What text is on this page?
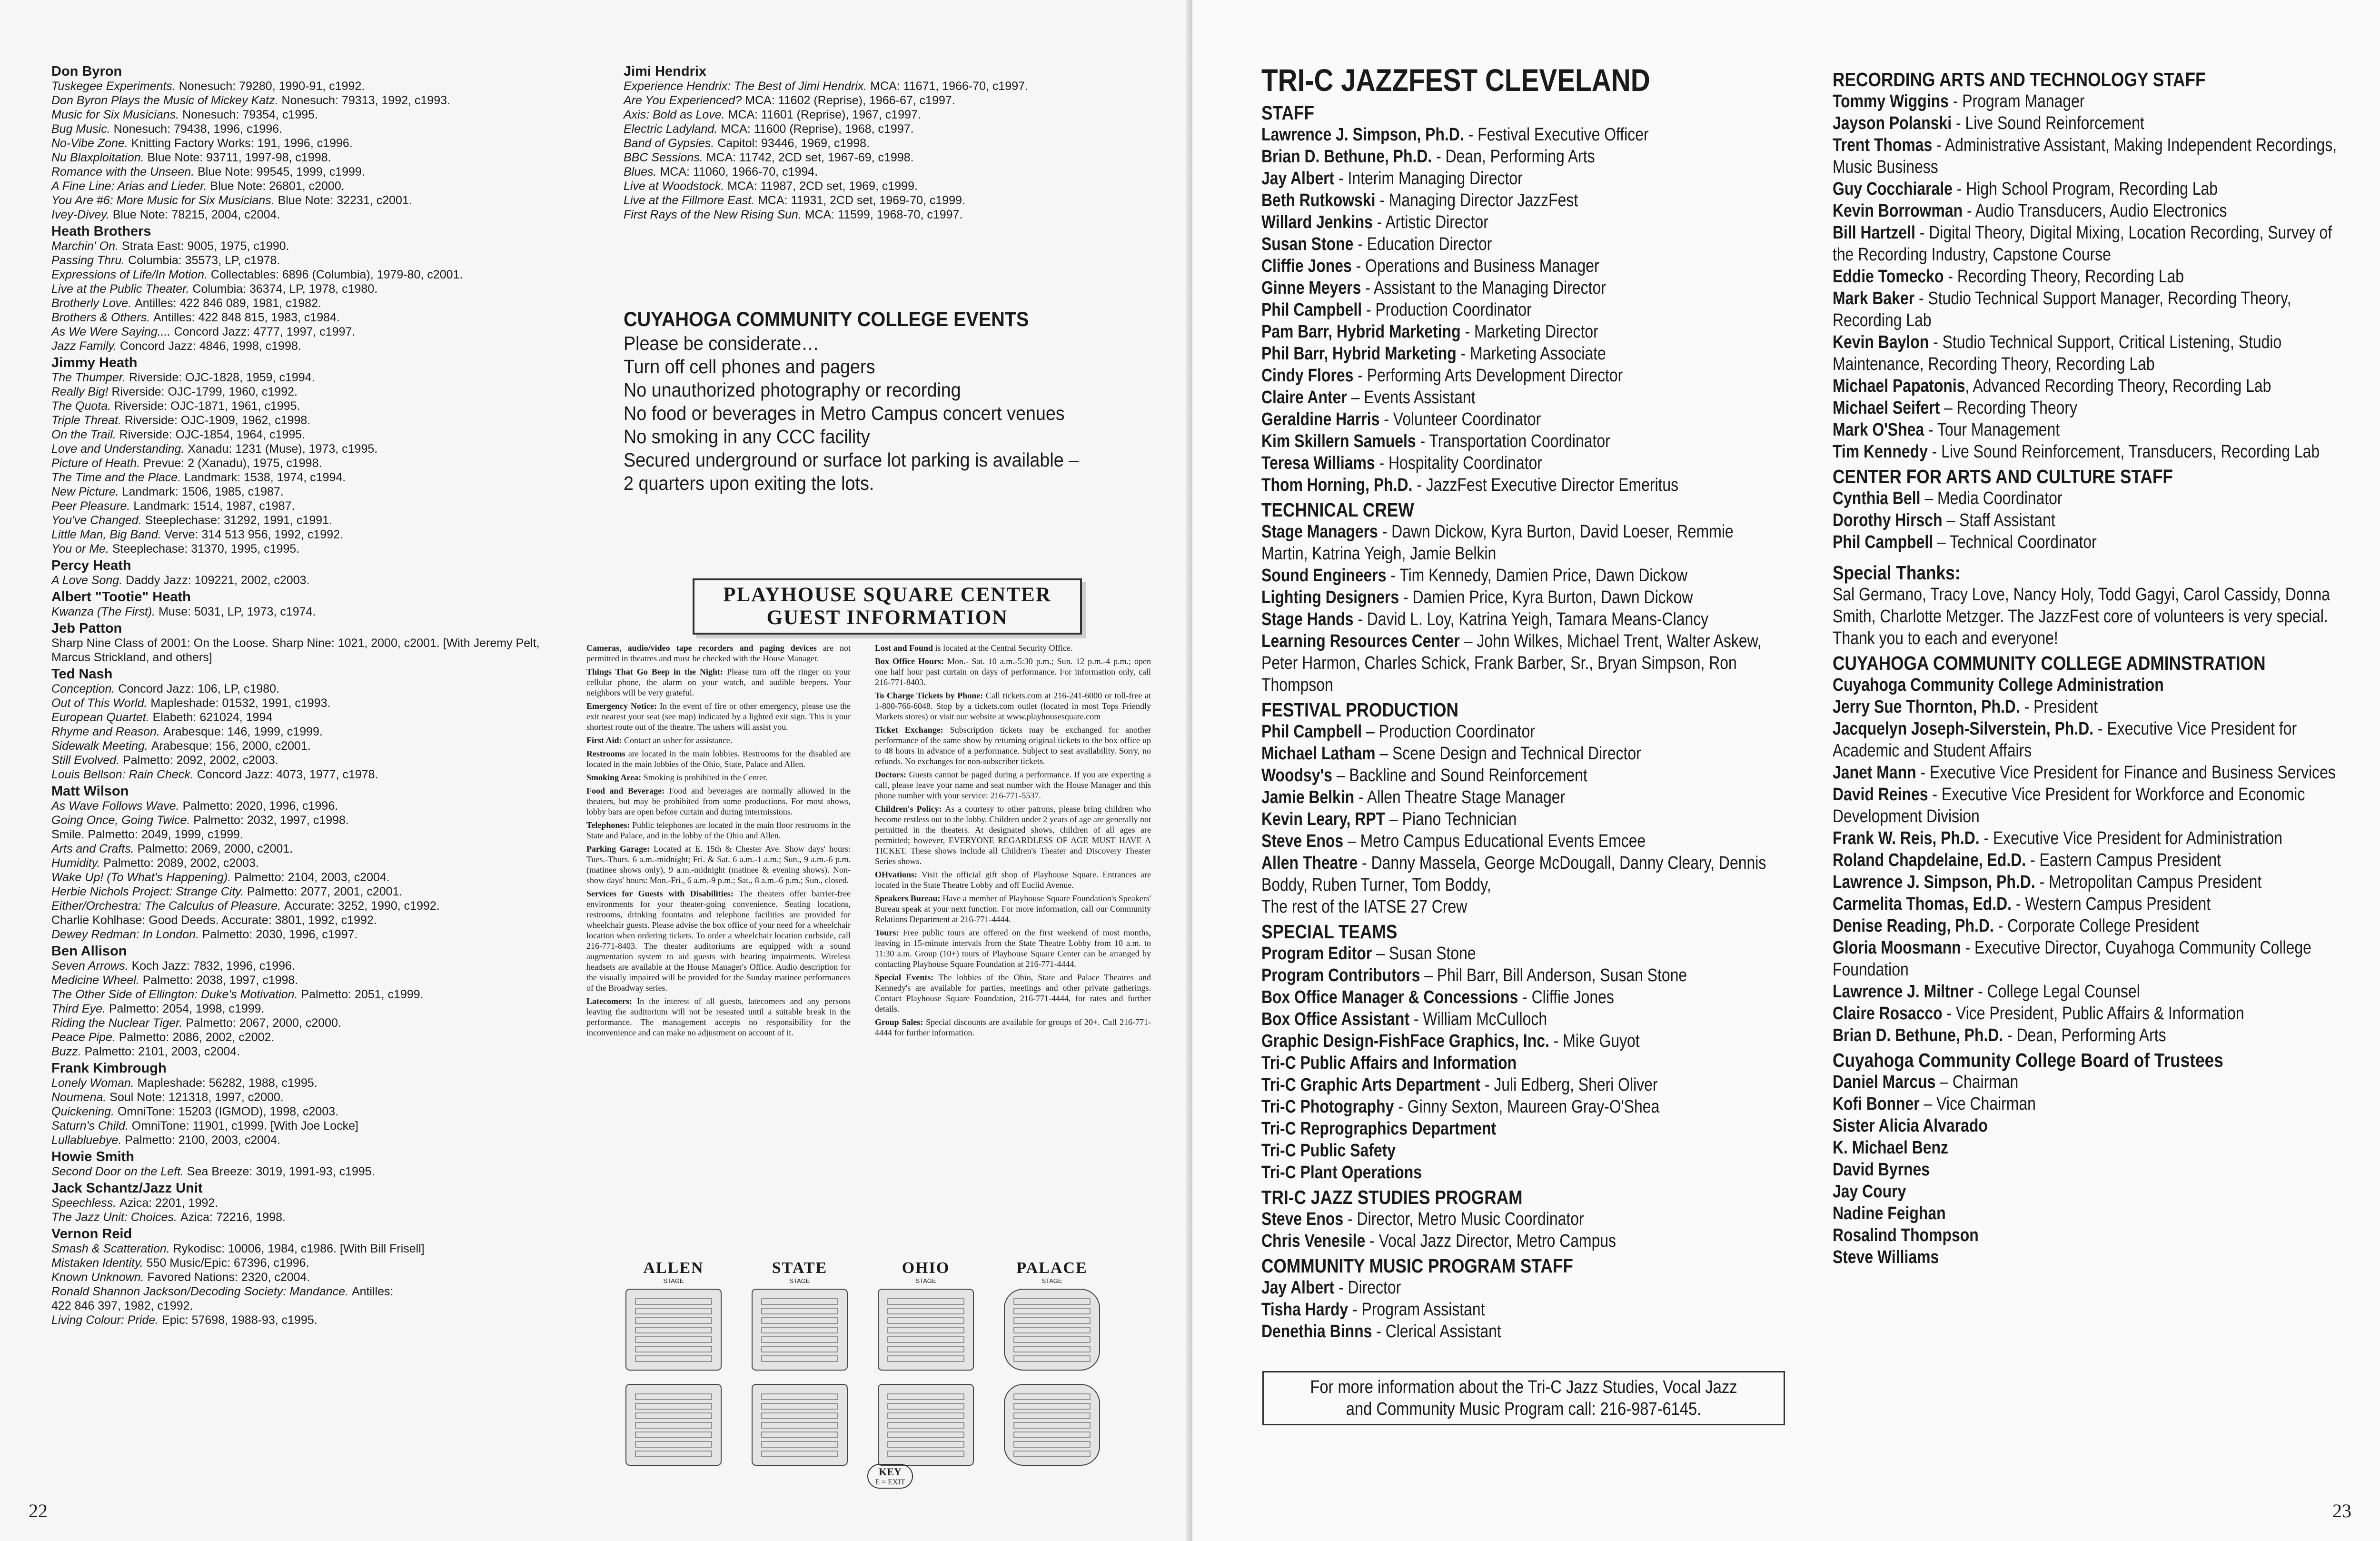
Don Byron
Tuskegee Experiments. Nonesuch: 79280, 1990-91, c1992.
Don Byron Plays the Music of Mickey Katz. Nonesuch: 79313, 1992, c1993.
Music for Six Musicians. Nonesuch: 79354, c1995.
Bug Music. Nonesuch: 79438, 1996, c1996.
No-Vibe Zone. Knitting Factory Works: 191, 1996, c1996.
Nu Blaxploitation. Blue Note: 93711, 1997-98, c1998.
Romance with the Unseen. Blue Note: 99545, 1999, c1999.
A Fine Line: Arias and Lieder. Blue Note: 26801, c2000.
You Are #6: More Music for Six Musicians. Blue Note: 32231, c2001.
Ivey-Divey. Blue Note: 78215, 2004, c2004.
Heath Brothers
Marchin' On. Strata East: 9005, 1975, c1990.
Passing Thru. Columbia: 35573, LP, c1978.
Expressions of Life/In Motion. Collectables: 6896 (Columbia), 1979-80, c2001.
Live at the Public Theater. Columbia: 36374, LP, 1978, c1980.
Brotherly Love. Antilles: 422 846 089, 1981, c1982.
Brothers & Others. Antilles: 422 848 815, 1983, c1984.
As We Were Saying.... Concord Jazz: 4777, 1997, c1997.
Jazz Family. Concord Jazz: 4846, 1998, c1998.
Jimmy Heath
The Thumper. Riverside: OJC-1828, 1959, c1994.
Really Big! Riverside: OJC-1799, 1960, c1992.
The Quota. Riverside: OJC-1871, 1961, c1995.
Triple Threat. Riverside: OJC-1909, 1962, c1998.
On the Trail. Riverside: OJC-1854, 1964, c1995.
Love and Understanding. Xanadu: 1231 (Muse), 1973, c1995.
Picture of Heath. Prevue: 2 (Xanadu), 1975, c1998.
The Time and the Place. Landmark: 1538, 1974, c1994.
New Picture. Landmark: 1506, 1985, c1987.
Peer Pleasure. Landmark: 1514, 1987, c1987.
You've Changed. Steeplechase: 31292, 1991, c1991.
Little Man, Big Band. Verve: 314 513 956, 1992, c1992.
You or Me. Steeplechase: 31370, 1995, c1995.
Percy Heath
A Love Song. Daddy Jazz: 109221, 2002, c2003.
Albert "Tootie" Heath
Kwanza (The First). Muse: 5031, LP, 1973, c1974.
Jeb Patton
Sharp Nine Class of 2001: On the Loose. Sharp Nine: 1021, 2000, c2001. [With Jeremy Pelt,
Marcus Strickland, and others]
Ted Nash
Conception. Concord Jazz: 106, LP, c1980.
Out of This World. Mapleshade: 01532, 1991, c1993.
European Quartet. Elabeth: 621024, 1994
Rhyme and Reason. Arabesque: 146, 1999, c1999.
Sidewalk Meeting. Arabesque: 156, 2000, c2001.
Still Evolved. Palmetto: 2092, 2002, c2003.
Louis Bellson: Rain Check. Concord Jazz: 4073, 1977, c1978.
Matt Wilson
As Wave Follows Wave. Palmetto: 2020, 1996, c1996.
Going Once, Going Twice. Palmetto: 2032, 1997, c1998.
Smile. Palmetto: 2049, 1999, c1999.
Arts and Crafts. Palmetto: 2069, 2000, c2001.
Humidity. Palmetto: 2089, 2002, c2003.
Wake Up! (To What's Happening). Palmetto: 2104, 2003, c2004.
Herbie Nichols Project: Strange City. Palmetto: 2077, 2001, c2001.
Either/Orchestra: The Calculus of Pleasure. Accurate: 3252, 1990, c1992.
Charlie Kohlhase: Good Deeds. Accurate: 3801, 1992, c1992.
Dewey Redman: In London. Palmetto: 2030, 1996, c1997.
Ben Allison
Seven Arrows. Koch Jazz: 7832, 1996, c1996.
Medicine Wheel. Palmetto: 2038, 1997, c1998.
The Other Side of Ellington: Duke's Motivation. Palmetto: 2051, c1999.
Third Eye. Palmetto: 2054, 1998, c1999.
Riding the Nuclear Tiger. Palmetto: 2067, 2000, c2000.
Peace Pipe. Palmetto: 2086, 2002, c2002.
Buzz. Palmetto: 2101, 2003, c2004.
Frank Kimbrough
Lonely Woman. Mapleshade: 56282, 1988, c1995.
Noumena. Soul Note: 121318, 1997, c2000.
Quickening. OmniTone: 15203 (IGMOD), 1998, c2003.
Saturn's Child. OmniTone: 11901, c1999. [With Joe Locke]
Lullabluebye. Palmetto: 2100, 2003, c2004.
Howie Smith
Second Door on the Left. Sea Breeze: 3019, 1991-93, c1995.
Jack Schantz/Jazz Unit
Speechless. Azica: 2201, 1992.
The Jazz Unit: Choices. Azica: 72216, 1998.
Vernon Reid
Smash & Scatteration. Rykodisc: 10006, 1984, c1986. [With Bill Frisell]
Mistaken Identity. 550 Music/Epic: 67396, c1996.
Known Unknown. Favored Nations: 2320, c2004.
Ronald Shannon Jackson/Decoding Society: Mandance. Antilles:
422 846 397, 1982, c1992.
Living Colour: Pride. Epic: 57698, 1988-93, c1995.
Jimi Hendrix
Experience Hendrix: The Best of Jimi Hendrix. MCA: 11671, 1966-70, c1997.
Are You Experienced? MCA: 11602 (Reprise), 1966-67, c1997.
Axis: Bold as Love. MCA: 11601 (Reprise), 1967, c1997.
Electric Ladyland. MCA: 11600 (Reprise), 1968, c1997.
Band of Gypsies. Capitol: 93446, 1969, c1998.
BBC Sessions. MCA: 11742, 2CD set, 1967-69, c1998.
Blues. MCA: 11060, 1966-70, c1994.
Live at Woodstock. MCA: 11987, 2CD set, 1969, c1999.
Live at the Fillmore East. MCA: 11931, 2CD set, 1969-70, c1999.
First Rays of the New Rising Sun. MCA: 11599, 1968-70, c1997.
CUYAHOGA COMMUNITY COLLEGE EVENTS
Please be considerate…
Turn off cell phones and pagers
No unauthorized photography or recording
No food or beverages in Metro Campus concert venues
No smoking in any CCC facility
Secured underground or surface lot parking is available –
2 quarters upon exiting the lots.
PLAYHOUSE SQUARE CENTER
GUEST INFORMATION

Cameras, audio/video tape recorders and paging devices are not permitted in theatres and must be checked with the House Manager.

Things That Go Beep in the Night: Please turn off the ringer on your cellular phone, the alarm on your watch, and audible beepers. Your neighbors will be very grateful.

Emergency Notice: In the event of fire or other emergency, please use the exit nearest your seat (see map) indicated by a lighted exit sign. This is your shortest route out of the theatre. The ushers will assist you.

First Aid: Contact an usher for assistance.

Restrooms are located in the main lobbies. Restrooms for the disabled are located in the main lobbies of the Ohio, State, Palace and Allen.

Smoking Area: Smoking is prohibited in the Center.

Food and Beverage: Food and beverages are normally allowed in the theaters, but may be prohibited from some productions. For most shows, lobby bars are open before curtain and during intermissions.

Telephones: Public telephones are located in the main floor restrooms in the State and Palace, and in the lobby of the Ohio and Allen.

Parking Garage: Located at E. 15th & Chester Ave. Show days' hours: Tues.-Thurs. 6 a.m.-midnight; Fri. & Sat. 6 a.m.-1 a.m.; Sun., 9 a.m.-6 p.m. (matinee shows only), 9 a.m.-midnight (matinee & evening shows). Non-show days' hours: Mon.-Fri., 6 a.m.-9 p.m.; Sat., 8 a.m.-6 p.m.; Sun., closed.

Services for Guests with Disabilities: The theaters offer barrier-free environments for your theater-going convenience. Seating locations, restrooms, drinking fountains and telephone facilities are provided for wheelchair guests. Please advise the box office of your need for a wheelchair location when ordering tickets. To order a wheelchair location curbside, call 216-771-8403. The theater auditoriums are equipped with a sound augmentation system to aid guests with hearing impairments. Wireless headsets are available at the House Manager's Office. Audio description for the visually impaired will be provided for the Sunday matinee performances of the Broadway series.

Latecomers: In the interest of all guests, latecomers and any persons leaving the auditorium will not be reseated until a suitable break in the performance. The management accepts no responsibility for the inconvenience and can make no adjustment on account of it.

Lost and Found is located at the Central Security Office.

Box Office Hours: Mon.- Sat. 10 a.m.-5:30 p.m.; Sun. 12 p.m.-4 p.m.; open one half hour past curtain on days of performance. For information only, call 216-771-8403.

To Charge Tickets by Phone: Call tickets.com at 216-241-6000 or toll-free at 1-800-766-6048. Stop by a tickets.com outlet (located in most Tops Friendly Markets stores) or visit our website at www.playhousesquare.com

Ticket Exchange: Subscription tickets may be exchanged for another performance of the same show by returning original tickets to the box office up to 48 hours in advance of a performance. Subject to seat availability. Sorry, no refunds. No exchanges for non-subscriber tickets.

Doctors: Guests cannot be paged during a performance. If you are expecting a call, please leave your name and seat number with the House Manager and this phone number with your service: 216-771-5537.

Children's Policy: As a courtesy to other patrons, please bring children who become restless out to the lobby. Children under 2 years of age are generally not permitted in the theaters. At designated shows, children of all ages are permitted; however, EVERYONE REGARDLESS OF AGE MUST HAVE A TICKET. These shows include all Children's Theater and Discovery Theater Series shows.

OHvations: Visit the official gift shop of Playhouse Square. Entrances are located in the State Theatre Lobby and off Euclid Avenue.

Speakers Bureau: Have a member of Playhouse Square Foundation's Speakers' Bureau speak at your next function. For more information, call our Community Relations Department at 216-771-4444.

Tours: Free public tours are offered on the first weekend of most months, leaving in 15-minute intervals from the State Theatre Lobby from 10 a.m. to 11:30 a.m. Group (10+) tours of Playhouse Square Center can be arranged by contacting Playhouse Square Foundation at 216-771-4444.

Special Events: The lobbies of the Ohio, State and Palace Theatres and Kennedy's are available for parties, meetings and other private gatherings. Contact Playhouse Square Foundation, 216-771-4444, for rates and further details.

Group Sales: Special discounts are available for groups of 20+. Call 216-771-4444 for further information.

ALLEN
STAGE
STATE
STAGE
OHIO
STAGE
PALACE
STAGE
KEY
E = EXIT
22
TRI-C JAZZFEST CLEVELAND
STAFF
Lawrence J. Simpson, Ph.D. - Festival Executive Officer
Brian D. Bethune, Ph.D. - Dean, Performing Arts
Jay Albert - Interim Managing Director
Beth Rutkowski - Managing Director JazzFest
Willard Jenkins - Artistic Director
Susan Stone - Education Director
Cliffie Jones - Operations and Business Manager
Ginne Meyers - Assistant to the Managing Director
Phil Campbell - Production Coordinator
Pam Barr, Hybrid Marketing - Marketing Director
Phil Barr, Hybrid Marketing - Marketing Associate
Cindy Flores - Performing Arts Development Director
Claire Anter – Events Assistant
Geraldine Harris - Volunteer Coordinator
Kim Skillern Samuels - Transportation Coordinator
Teresa Williams - Hospitality Coordinator
Thom Horning, Ph.D. - JazzFest Executive Director Emeritus
TECHNICAL CREW
Stage Managers - Dawn Dickow, Kyra Burton, David Loeser, Remmie Martin, Katrina Yeigh, Jamie Belkin
Sound Engineers - Tim Kennedy, Damien Price, Dawn Dickow
Lighting Designers - Damien Price, Kyra Burton, Dawn Dickow
Stage Hands - David L. Loy, Katrina Yeigh, Tamara Means-Clancy
Learning Resources Center – John Wilkes, Michael Trent, Walter Askew, Peter Harmon, Charles Schick, Frank Barber, Sr., Bryan Simpson, Ron Thompson
FESTIVAL PRODUCTION
Phil Campbell – Production Coordinator
Michael Latham – Scene Design and Technical Director
Woodsy's – Backline and Sound Reinforcement
Jamie Belkin - Allen Theatre Stage Manager
Kevin Leary, RPT – Piano Technician
Steve Enos – Metro Campus Educational Events Emcee
Allen Theatre - Danny Massela, George McDougall, Danny Cleary, Dennis Boddy, Ruben Turner, Tom Boddy,
The rest of the IATSE 27 Crew
SPECIAL TEAMS
Program Editor – Susan Stone
Program Contributors – Phil Barr, Bill Anderson, Susan Stone
Box Office Manager & Concessions - Cliffie Jones
Box Office Assistant - William McCulloch
Graphic Design-FishFace Graphics, Inc. - Mike Guyot
Tri-C Public Affairs and Information
Tri-C Graphic Arts Department - Juli Edberg, Sheri Oliver
Tri-C Photography - Ginny Sexton, Maureen Gray-O'Shea
Tri-C Reprographics Department
Tri-C Public Safety
Tri-C Plant Operations
TRI-C JAZZ STUDIES PROGRAM
Steve Enos - Director, Metro Music Coordinator
Chris Venesile - Vocal Jazz Director, Metro Campus
COMMUNITY MUSIC PROGRAM STAFF
Jay Albert - Director
Tisha Hardy - Program Assistant
Denethia Binns - Clerical Assistant
For more information about the Tri-C Jazz Studies, Vocal Jazz
and Community Music Program call: 216-987-6145.
RECORDING ARTS AND TECHNOLOGY STAFF
Tommy Wiggins - Program Manager
Jayson Polanski - Live Sound Reinforcement
Trent Thomas - Administrative Assistant, Making Independent Recordings, Music Business
Guy Cocchiarale - High School Program, Recording Lab
Kevin Borrowman - Audio Transducers, Audio Electronics
Bill Hartzell - Digital Theory, Digital Mixing, Location Recording, Survey of the Recording Industry, Capstone Course
Eddie Tomecko - Recording Theory, Recording Lab
Mark Baker - Studio Technical Support Manager, Recording Theory, Recording Lab
Kevin Baylon - Studio Technical Support, Critical Listening, Studio Maintenance, Recording Theory, Recording Lab
Michael Papatonis, Advanced Recording Theory, Recording Lab
Michael Seifert – Recording Theory
Mark O'Shea - Tour Management
Tim Kennedy - Live Sound Reinforcement, Transducers, Recording Lab
CENTER FOR ARTS AND CULTURE STAFF
Cynthia Bell – Media Coordinator
Dorothy Hirsch – Staff Assistant
Phil Campbell – Technical Coordinator
Special Thanks:
Sal Germano, Tracy Love, Nancy Holy, Todd Gagyi, Carol Cassidy, Donna Smith, Charlotte Metzger. The JazzFest core of volunteers is very special. Thank you to each and everyone!
CUYAHOGA COMMUNITY COLLEGE ADMINSTRATION
Cuyahoga Community College Administration
Jerry Sue Thornton, Ph.D. - President
Jacquelyn Joseph-Silverstein, Ph.D. - Executive Vice President for Academic and Student Affairs
Janet Mann - Executive Vice President for Finance and Business Services
David Reines - Executive Vice President for Workforce and Economic Development Division
Frank W. Reis, Ph.D. - Executive Vice President for Administration
Roland Chapdelaine, Ed.D. - Eastern Campus President
Lawrence J. Simpson, Ph.D. - Metropolitan Campus President
Carmelita Thomas, Ed.D. - Western Campus President
Denise Reading, Ph.D. - Corporate College President
Gloria Moosmann - Executive Director, Cuyahoga Community College Foundation
Lawrence J. Miltner - College Legal Counsel
Claire Rosacco - Vice President, Public Affairs & Information
Brian D. Bethune, Ph.D. - Dean, Performing Arts
Cuyahoga Community College Board of Trustees
Daniel Marcus – Chairman
Kofi Bonner – Vice Chairman
Sister Alicia Alvarado
K. Michael Benz
David Byrnes
Jay Coury
Nadine Feighan
Rosalind Thompson
Steve Williams
23
